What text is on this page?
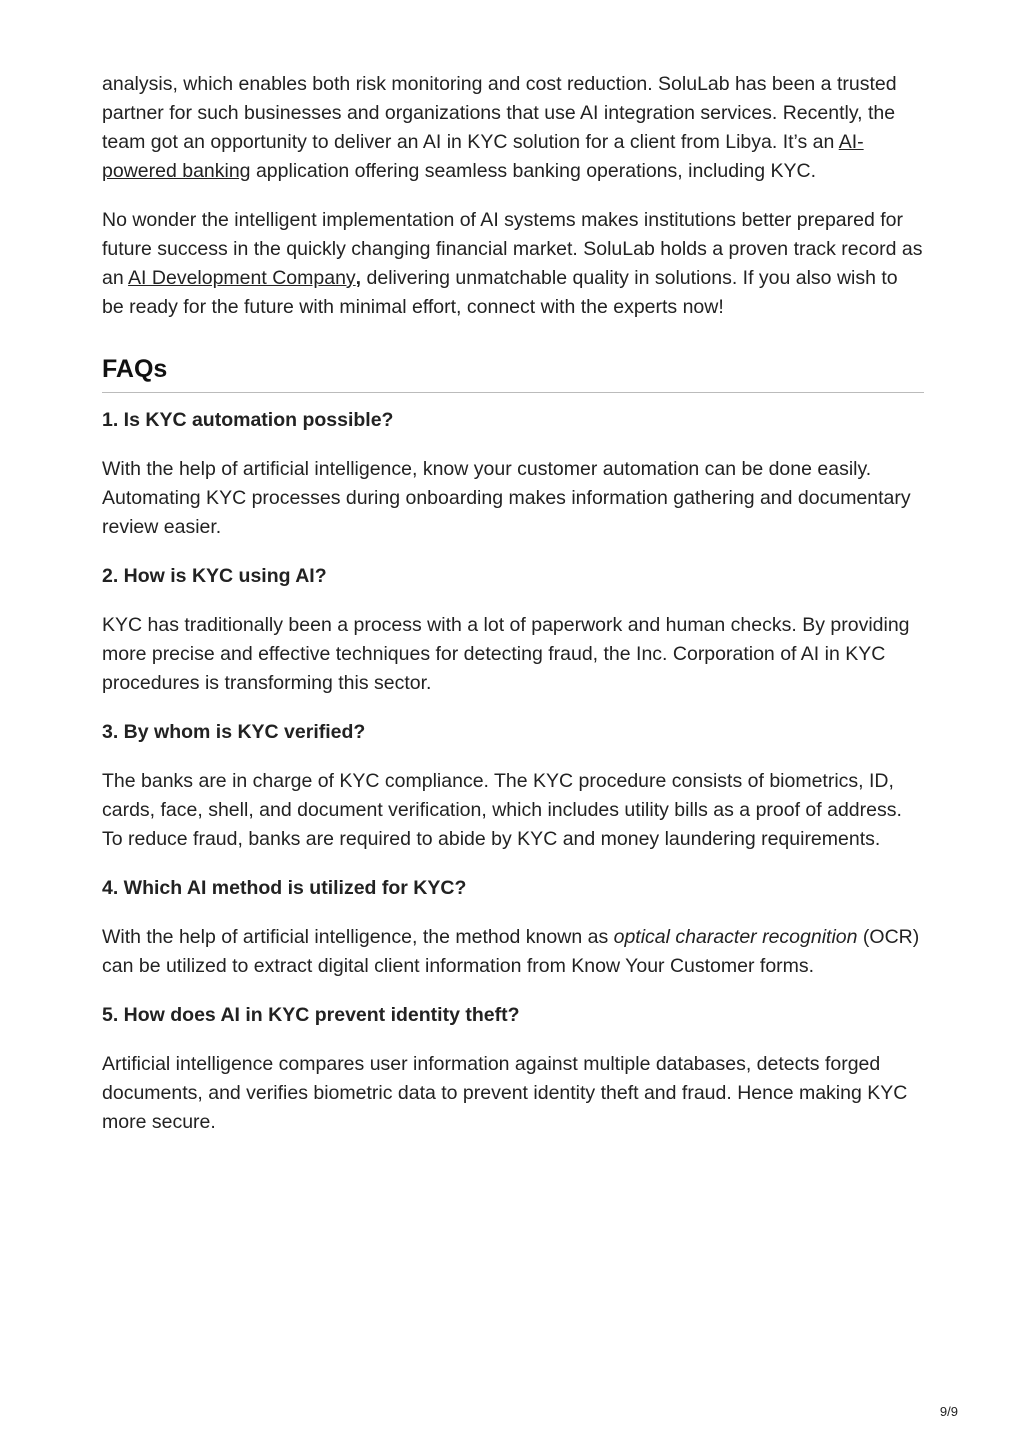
analysis, which enables both risk monitoring and cost reduction. SoluLab has been a trusted partner for such businesses and organizations that use AI integration services. Recently, the team got an opportunity to deliver an AI in KYC solution for a client from Libya. It’s an AI-powered banking application offering seamless banking operations, including KYC.

No wonder the intelligent implementation of AI systems makes institutions better prepared for future success in the quickly changing financial market. SoluLab holds a proven track record as an AI Development Company, delivering unmatchable quality in solutions. If you also wish to be ready for the future with minimal effort, connect with the experts now!

FAQs
1. Is KYC automation possible?

With the help of artificial intelligence, know your customer automation can be done easily. Automating KYC processes during onboarding makes information gathering and documentary review easier.

2. How is KYC using AI?

KYC has traditionally been a process with a lot of paperwork and human checks. By providing more precise and effective techniques for detecting fraud, the Inc. Corporation of AI in KYC procedures is transforming this sector.

3. By whom is KYC verified?

The banks are in charge of KYC compliance. The KYC procedure consists of biometrics, ID, cards, face, shell, and document verification, which includes utility bills as a proof of address. To reduce fraud, banks are required to abide by KYC and money laundering requirements.

4. Which AI method is utilized for KYC?

With the help of artificial intelligence, the method known as optical character recognition (OCR) can be utilized to extract digital client information from Know Your Customer forms.

5. How does AI in KYC prevent identity theft?

Artificial intelligence compares user information against multiple databases, detects forged documents, and verifies biometric data to prevent identity theft and fraud. Hence making KYC more secure.

9/9
